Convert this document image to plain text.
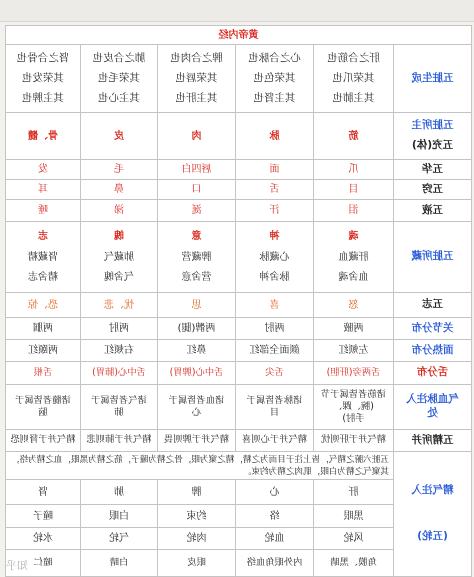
黄帝内经
五脏生成
肝之合筋也
其荣爪也
其主肺也
心之合脉也
其荣色也
其主肾也
脾之合肉也
其荣唇也
其主肝也
肺之合皮也
其荣毛也
其主心也
肾之合骨也
其荣发也
其主脾也
五脏所主
五充(体)
筋
脉
肉
皮
骨、髓
五华
爪
面
唇四白
毛
发
五窍
目
舌
口
鼻
耳
五液
泪
汗
涎
涕
唾
五脏所藏
魂
肝藏血
血舍魂
神
心藏脉
脉舍神
意
脾藏营
营舍意
魄
肺藏气
气舍魄
志
肾藏精
精舍志
五志
怒
喜
思
忧、悲
恐、惊
关节分布
两腋
两肘
两髀(腿)
两肘
两腘
面热分布
左颊红
颜面全部红
鼻红
右颊红
两颐红
舌分布
舌两旁(肝胆)
舌尖
舌中心(脾胃)
舌中心(肺胃)
舌根
气血脉注入
处
诸筋者皆属于节
(腕、踝、
手肘)
诸脉者皆属于
目
诸血者皆属于
心
诸气者皆属于
肺
诸髓者皆属于
脑
五精所并
精气并于肝则忧
精气并于心则喜
精气并于脾则畏
精气并于肺则悲
精气并于肾则恐
精气注入
(五轮)
五脏六腑之精气，皆上注于目而为之精，精之窠为眼，骨之精为瞳子，筋之精为黑眼，血之精为络，其窠气之精为白眼，肌肉之精为约束。
肝
心
脾
肺
肾
黑眼
络
约束
白眼
瞳子
风轮
血轮
肉轮
气轮
水轮
角膜、黑睛
内外眼角血络
眼皮
白睛
瞳仁
知乎
